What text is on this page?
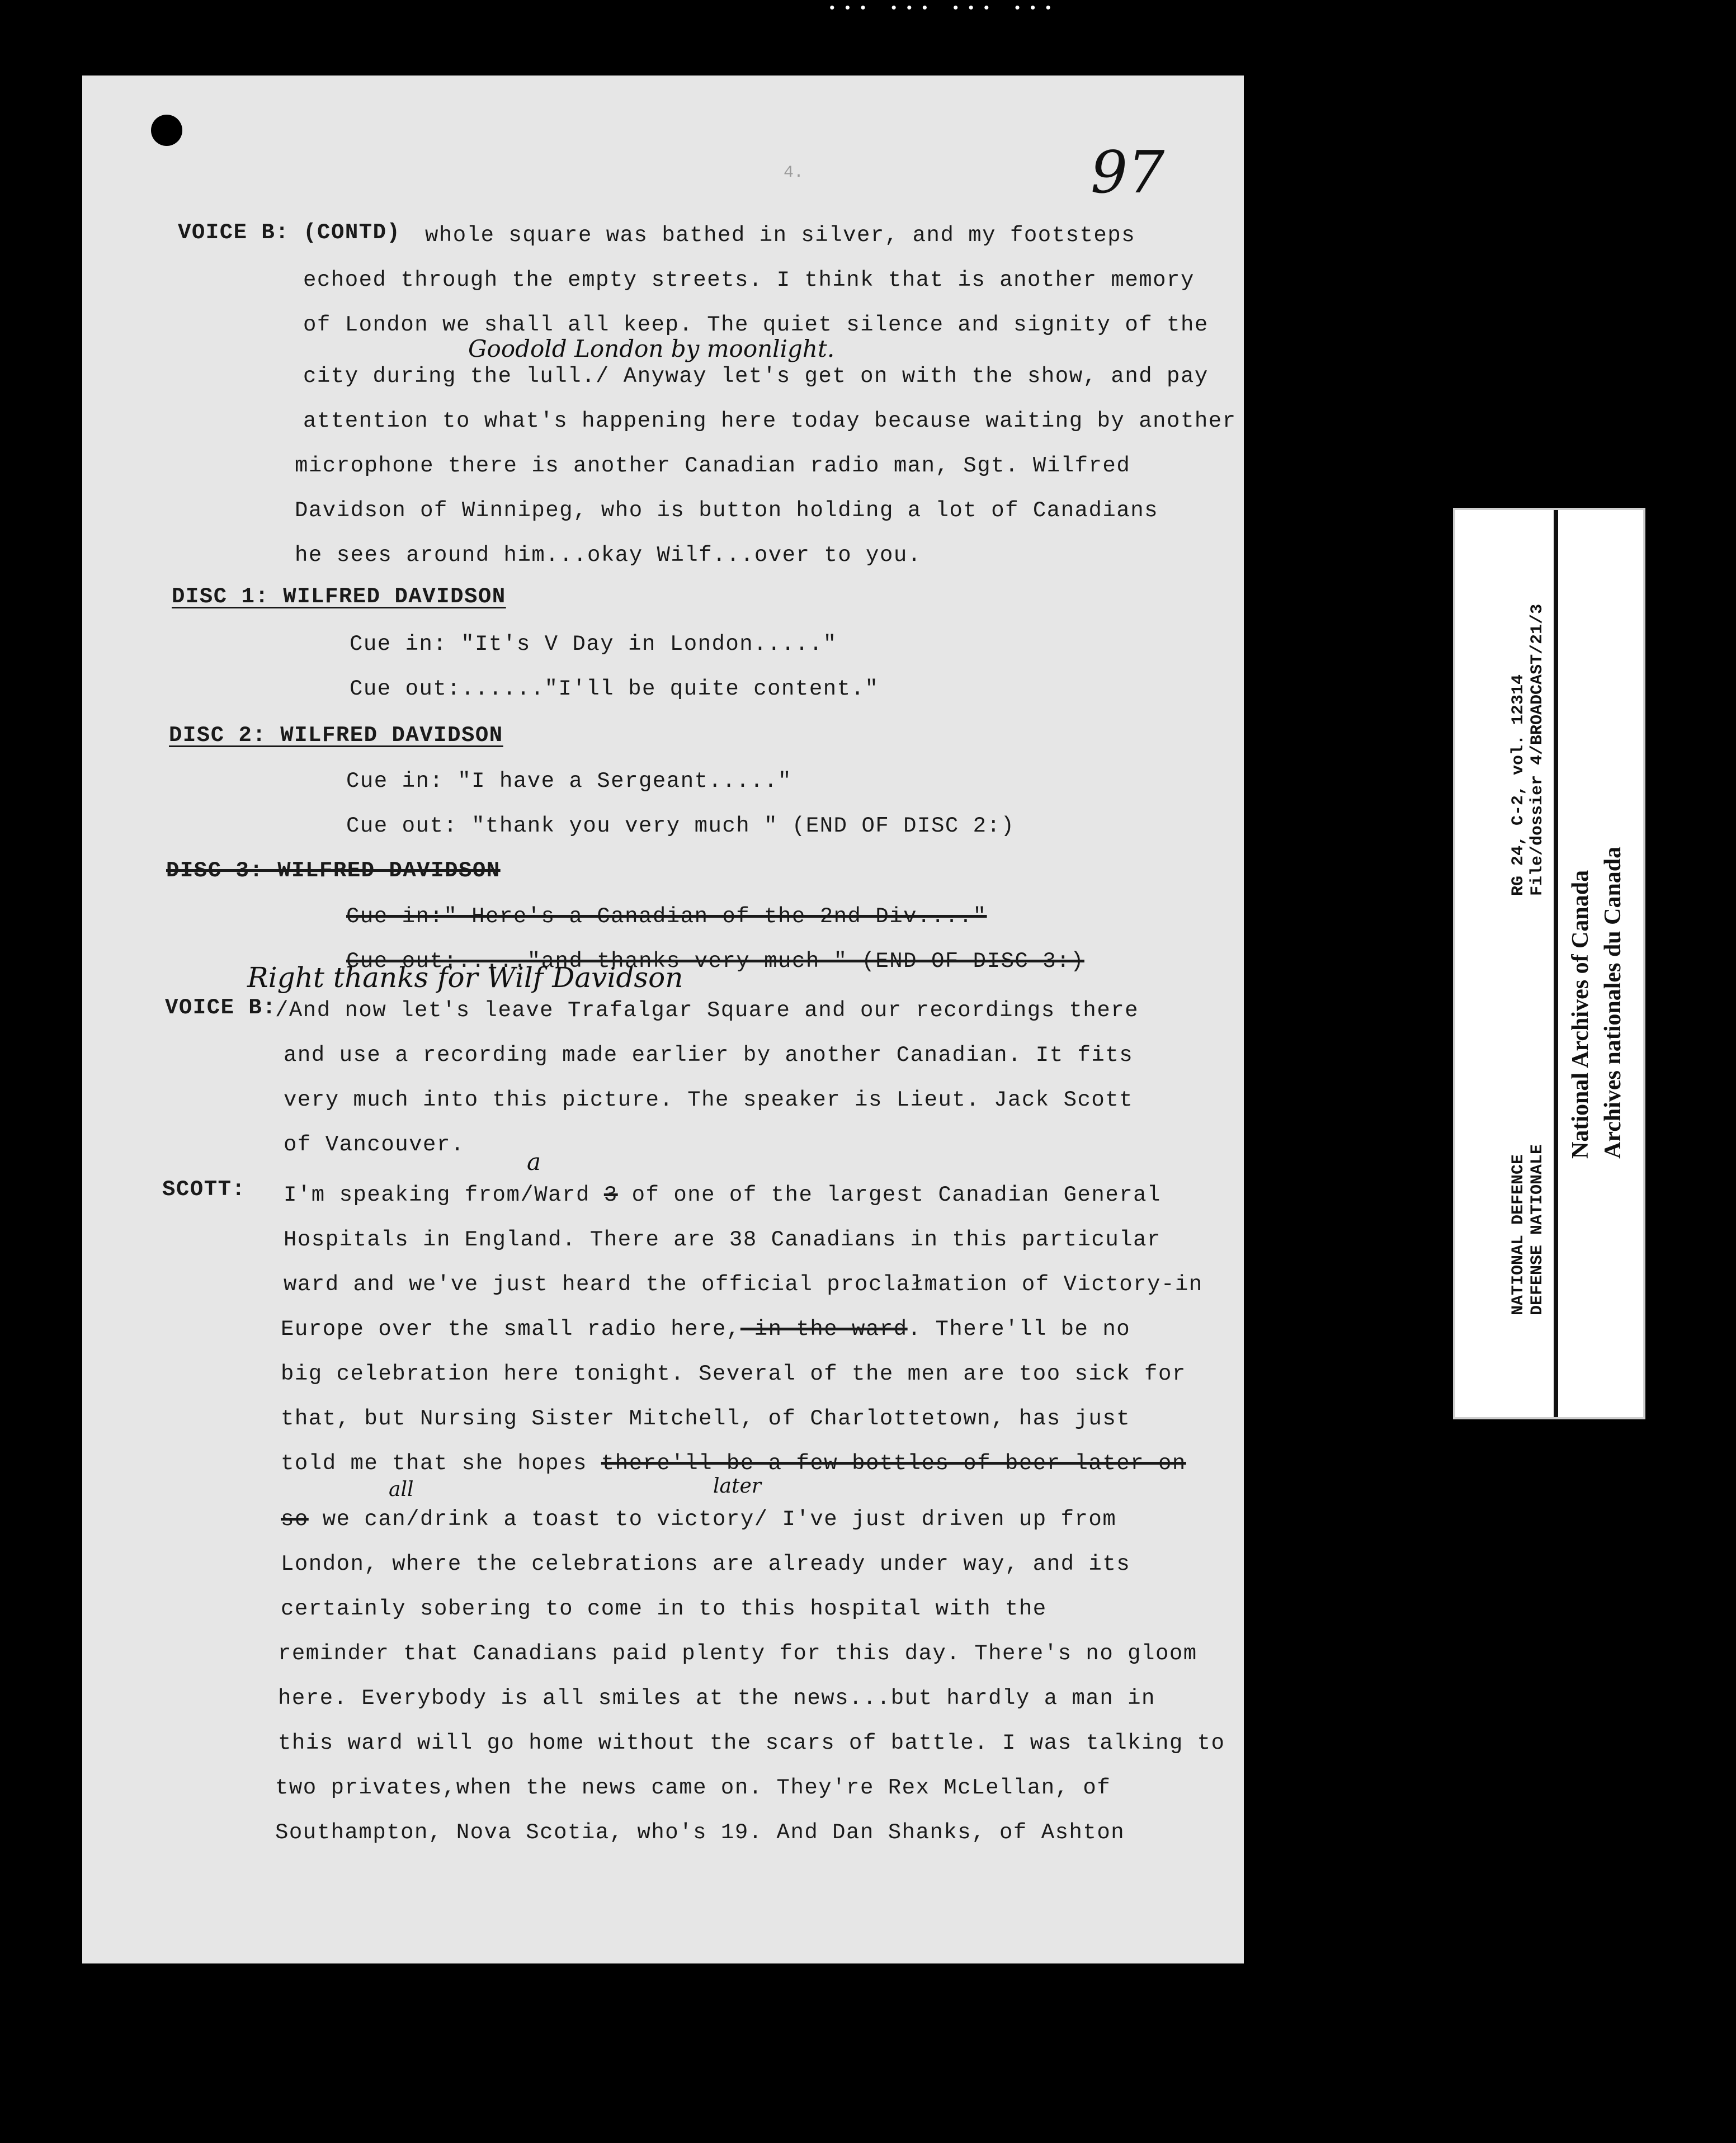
••• ••• ••• •••
4.	97
VOICE B: (CONTD) whole square was bathed in silver, and my footsteps
echoed through the empty streets. I think that is another memory
of London we shall all keep. The quiet silence and signity of the
Goodold London by moonlight.
city during the lull./ Anyway let's get on with the show, and pay
attention to what's happening here today because waiting by another
microphone there is another Canadian radio man, Sgt. Wilfred
Davidson of Winnipeg, who is button holding a lot of Canadians
he sees around him...okay Wilf...over to you.
DISC 1: WILFRED DAVIDSON
Cue in: "It's V Day in London....."
Cue out:......"I'll be quite content."
DISC 2: WILFRED DAVIDSON
Cue in: "I have a Sergeant....."
Cue out: "thank you very much " (END OF DISC 2:)
DISC 3: WILFRED DAVIDSON
Cue in:" Here's a Canadian of the 2nd Div...."
Cue out:....."and thanks very much " (END OF DISC 3:)
Right thanks for Wilf Davidson
VOICE B:
/And now let's leave Trafalgar Square and our recordings there
and use a recording made earlier by another Canadian. It fits
very much into this picture. The speaker is Lieut. Jack Scott
of Vancouver.
SCOTT:
a
I'm speaking from/Ward 3 of one of the largest Canadian General
Hospitals in England. There are 38 Canadians in this particular
ward and we've just heard the official proclałmation of Victory-in
Europe over the small radio here, in the ward. There'll be no
big celebration here tonight. Several of the men are too sick for
that, but Nursing Sister Mitchell, of Charlottetown, has just
told me that she hopes there'll be a few bottles of beer later on
all	later
so we can/drink a toast to victory/ I've just driven up from
London, where the celebrations are already under way, and its
certainly sobering to come in to this hospital with the
reminder that Canadians paid plenty for this day. There's no gloom
here. Everybody is all smiles at the news...but hardly a man in
this ward will go home without the scars of battle. I was talking to
two privates,when the news came on. They're Rex McLellan, of
Southampton, Nova Scotia, who's 19. And Dan Shanks, of Ashton
NATIONAL DEFENCE DEFENSE NATIONALE
RG 24, C-2, vol. 12314 File/dossier 4/BROADCAST/21/3
National Archives of Canada Archives nationales du Canada
